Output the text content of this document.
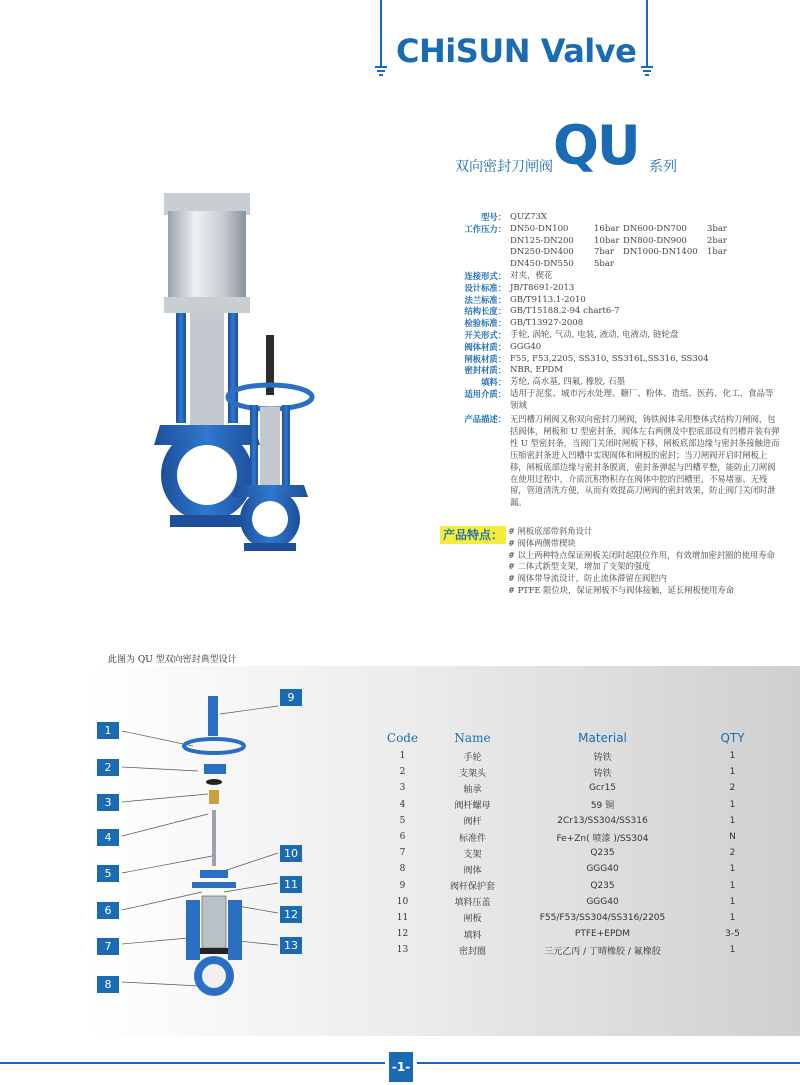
CHiSUN Valve
双向密封刀闸阀 QU 系列
型号： QUZ73X
工作压力： DN50-DN100	16bar DN600-DN700	3bar
DN125-DN200	10bar DN800-DN900	2bar
DN250-DN400	7bar	DN1000-DN1400	1bar
DN450-DN550	5bar
连接形式： 对夹，楔花
设计标准： JB/T8691-2013
法兰标准： GB/T9113.1-2010
结构长度： GB/T15188.2-94 chart6-7
检验标准： GB/T13927-2008
开关形式： 手轮, 涡轮, 气动, 电装, 液动, 电液动, 链轮盘
阀体材质： GGG40
闸板材质： F55, F53,2205, SS310, SS316L,SS316, SS304
密封材质： NBR, EPDM
填料： 芳纶, 高水基, 四氟, 橡胶, 石墨
适用介质： 适用于泥浆、城市污水处理、糖厂、粉体、造纸、医药、化工、食品等领域
产品描述： 无凹槽刀闸阀又称双向密封刀闸阀，铸铁阀体采用整体式结构刀闸阀，包括阀体，闸板和 U 型密封条，阀体左右两侧及中腔底部设有凹槽并装有弹性 U 型密封条，当阀门关闭时闸板下移，闸板底部边缘与密封条接触进而压缩密封条进入凹槽中实现阀体和闸板的密封；当刀闸阀开启时闸板上移，闸板底部边缘与密封条脱离，密封条弹起与凹槽平整，能防止刀闸阀在使用过程中，介质沉积物积存在阀体中腔的凹槽里，不易堵塞、无残留，管道清洗方便，从而有效提高刀闸阀的密封效果，防止阀门关闭时泄漏。
产品特点： # 闸板底部带斜角设计
# 阀体两侧带楔块
# 以上两种特点保证闸板关闭时起限位作用，有效增加密封圈的使用寿命
# 二体式新型支架，增加了支架的强度
# 阀体带导流设计，防止流体滞留在阀腔内
# PTFE 限位块，保证闸板不与阀体接触，延长闸板使用寿命
此图为 QU 型双向密封典型设计
1
2
3
4
5
6
7
8
9
10
11
12
13
Code	Name	Material	QTY
1	手轮	铸铁	1
2	支架头	铸铁	1
3	轴承	Gcr15	2
4	阀杆螺母	59 铜	1
5	阀杆	2Cr13/SS304/SS316	1
6	标准件	Fe+Zn( 喷漆 )/SS304	N
7	支架	Q235	2
8	阀体	GGG40	1
9	阀杆保护套	Q235	1
10	填料压盖	GGG40	1
11	闸板	F55/F53/SS304/SS316/2205	1
12	填料	PTFE+EPDM	3-5
13	密封圈	三元乙丙 / 丁晴橡胶 / 氟橡胶	1
-1-
